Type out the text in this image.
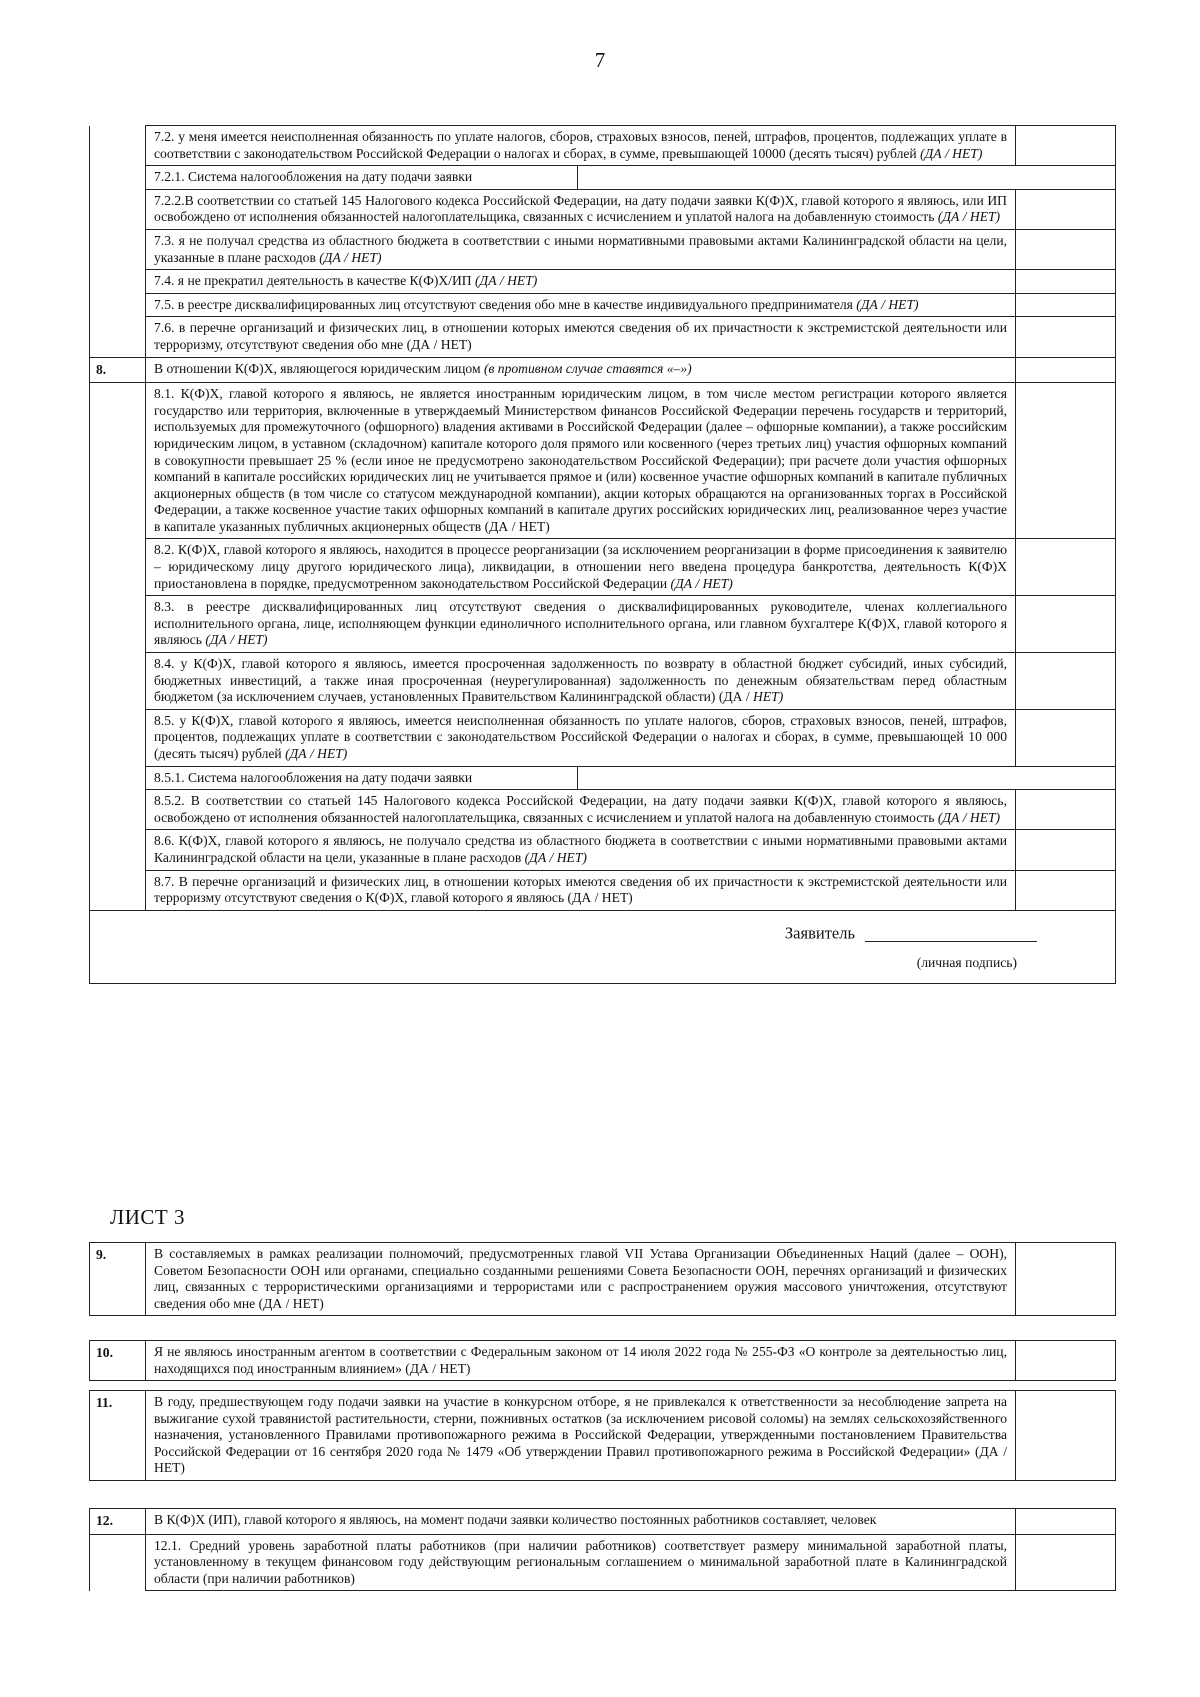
7
	7.2. у меня имеется неисполненная обязанность по уплате налогов, сборов, страховых взносов, пеней, штрафов, процентов, подлежащих уплате в соответствии с законодательством Российской Федерации о налогах и сборах, в сумме, превышающей 10000 (десять тысяч) рублей (ДА / НЕТ)		
	7.2.1. Система налогообложения на дату подачи заявки		
	7.2.2.В соответствии со статьей 145 Налогового кодекса Российской Федерации, на дату подачи заявки К(Ф)Х, главой которого я являюсь, или ИП освобождено от исполнения обязанностей налогоплательщика, связанных с исчислением и уплатой налога на добавленную стоимость (ДА / НЕТ)		
	7.3. я не получал средства из областного бюджета в соответствии с иными нормативными правовыми актами Калининградской области на цели, указанные в плане расходов (ДА / НЕТ)		
	7.4. я не прекратил деятельность в качестве К(Ф)Х/ИП (ДА / НЕТ)		
	7.5. в реестре дисквалифицированных лиц отсутствуют сведения обо мне в качестве индивидуального предпринимателя (ДА / НЕТ)		
	7.6. в перечне организаций и физических лиц, в отношении которых имеются сведения об их причастности к экстремистской деятельности или терроризму, отсутствуют сведения обо мне (ДА / НЕТ)		
8.	В отношении К(Ф)Х, являющегося юридическим лицом (в противном случае ставятся «–»)		
	8.1. К(Ф)Х, главой которого я являюсь, не является иностранным юридическим лицом, в том числе местом регистрации которого является государство или территория, включенные в утверждаемый Министерством финансов Российской Федерации перечень государств и территорий, используемых для промежуточного (офшорного) владения активами в Российской Федерации (далее – офшорные компании), а также российским юридическим лицом, в уставном (складочном) капитале которого доля прямого или косвенного (через третьих лиц) участия офшорных компаний в совокупности превышает 25 % (если иное не предусмотрено законодательством Российской Федерации); при расчете доли участия офшорных компаний в капитале российских юридических лиц не учитывается прямое и (или) косвенное участие офшорных компаний в капитале публичных акционерных обществ (в том числе со статусом международной компании), акции которых обращаются на организованных торгах в Российской Федерации, а также косвенное участие таких офшорных компаний в капитале других российских юридических лиц, реализованное через участие в капитале указанных публичных акционерных обществ (ДА / НЕТ)		
	8.2. К(Ф)Х, главой которого я являюсь, находится в процессе реорганизации (за исключением реорганизации в форме присоединения к заявителю – юридическому лицу другого юридического лица), ликвидации, в отношении него введена процедура банкротства, деятельность К(Ф)Х приостановлена в порядке, предусмотренном законодательством Российской Федерации (ДА / НЕТ)		
	8.3. в реестре дисквалифицированных лиц отсутствуют сведения о дисквалифицированных руководителе, членах коллегиального исполнительного органа, лице, исполняющем функции единоличного исполнительного органа, или главном бухгалтере К(Ф)Х, главой которого я являюсь (ДА / НЕТ)		
	8.4. у К(Ф)Х, главой которого я являюсь, имеется просроченная задолженность по возврату в областной бюджет субсидий, иных субсидий, бюджетных инвестиций, а также иная просроченная (неурегулированная) задолженность по денежным обязательствам перед областным бюджетом (за исключением случаев, установленных Правительством Калининградской области) (ДА / НЕТ)		
	8.5. у К(Ф)Х, главой которого я являюсь, имеется неисполненная обязанность по уплате налогов, сборов, страховых взносов, пеней, штрафов, процентов, подлежащих уплате в соответствии с законодательством Российской Федерации о налогах и сборах, в сумме, превышающей 10 000 (десять тысяч) рублей (ДА / НЕТ)		
	8.5.1. Система налогообложения на дату подачи заявки		
	8.5.2. В соответствии со статьей 145 Налогового кодекса Российской Федерации, на дату подачи заявки К(Ф)Х, главой которого я являюсь, освобождено от исполнения обязанностей налогоплательщика, связанных с исчислением и уплатой налога на добавленную стоимость (ДА / НЕТ)		
	8.6. К(Ф)Х, главой которого я являюсь, не получало средства из областного бюджета в соответствии с иными нормативными правовыми актами Калининградской области на цели, указанные в плане расходов (ДА / НЕТ)		
	8.7. В перечне организаций и физических лиц, в отношении которых имеются сведения об их причастности к экстремистской деятельности или терроризму отсутствуют сведения о К(Ф)Х, главой которого я являюсь (ДА / НЕТ)		

Заявитель
(личная подпись)			
ЛИСТ 3
9.	В составляемых в рамках реализации полномочий, предусмотренных главой VII Устава Организации Объединенных Наций (далее – ООН), Советом Безопасности ООН или органами, специально созданными решениями Совета Безопасности ООН, перечнях организаций и физических лиц, связанных с террористическими организациями и террористами или с распространением оружия массового уничтожения, отсутствуют сведения обо мне (ДА / НЕТ)	
10.	Я не являюсь иностранным агентом в соответствии с Федеральным законом от 14 июля 2022 года № 255-ФЗ «О контроле за деятельностью лиц, находящихся под иностранным влиянием» (ДА / НЕТ)	
11.	В году, предшествующем году подачи заявки на участие в конкурсном отборе, я не привлекался к ответственности за несоблюдение запрета на выжигание сухой травянистой растительности, стерни, пожнивных остатков (за исключением рисовой соломы) на землях сельскохозяйственного назначения, установленного Правилами противопожарного режима в Российской Федерации, утвержденными постановлением Правительства Российской Федерации от 16 сентября 2020 года № 1479 «Об утверждении Правил противопожарного режима в Российской Федерации» (ДА / НЕТ)	
12.	В К(Ф)Х (ИП), главой которого я являюсь, на момент подачи заявки количество постоянных работников составляет, человек	
	12.1. Средний уровень заработной платы работников (при наличии работников) соответствует размеру минимальной заработной платы, установленному в текущем финансовом году действующим региональным соглашением о минимальной заработной плате в Калининградской области (при наличии работников)	
